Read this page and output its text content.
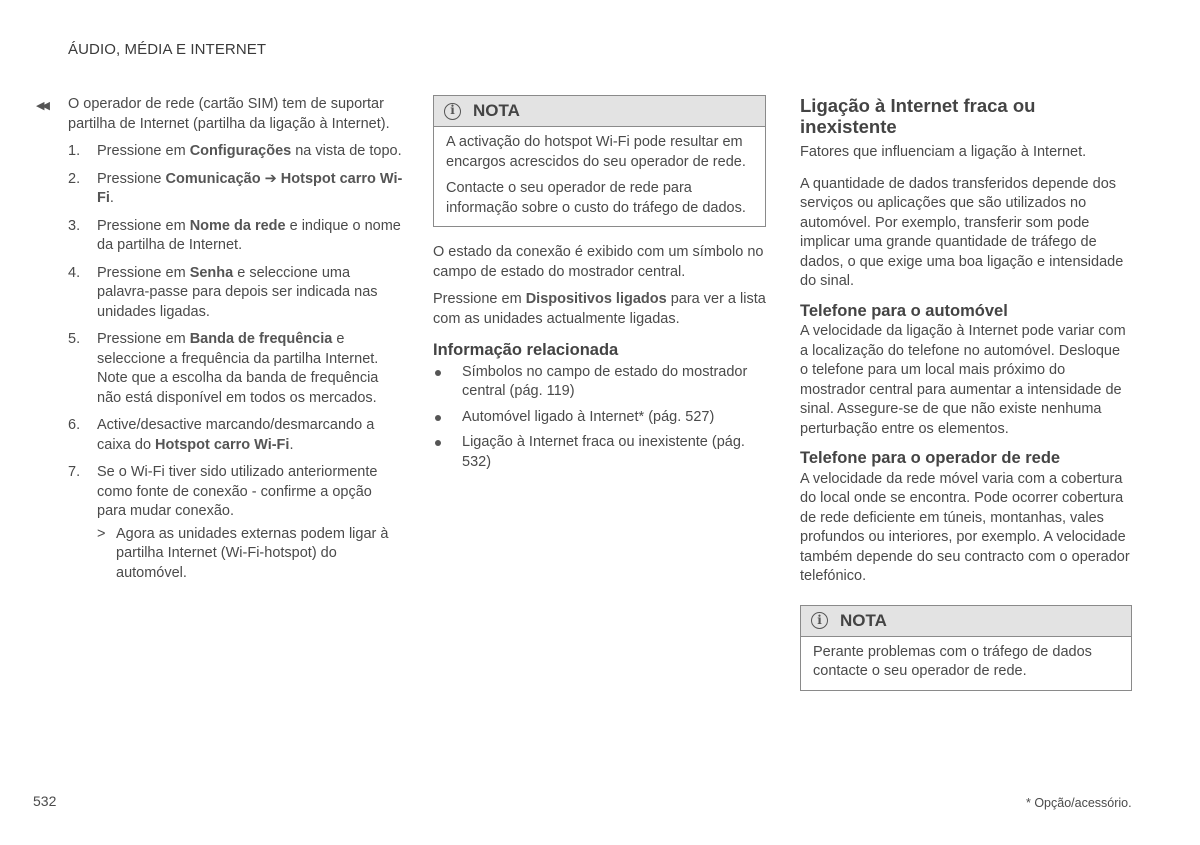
ÁUDIO, MÉDIA E INTERNET
◀◀ O operador de rede (cartão SIM) tem de suportar partilha de Internet (partilha da ligação à Internet).

1. Pressione em Configurações na vista de topo.
2. Pressione Comunicação ➔ Hotspot carro Wi-Fi.
3. Pressione em Nome da rede e indique o nome da partilha de Internet.
4. Pressione em Senha e seleccione uma palavra-passe para depois ser indicada nas unidades ligadas.
5. Pressione em Banda de frequência e seleccione a frequência da partilha Internet. Note que a escolha da banda de frequência não está disponível em todos os mercados.
6. Active/desactive marcando/desmarcando a caixa do Hotspot carro Wi-Fi.
7. Se o Wi-Fi tiver sido utilizado anteriormente como fonte de conexão - confirme a opção para mudar conexão.
> Agora as unidades externas podem ligar à partilha Internet (Wi-Fi-hotspot) do automóvel.
i	NOTA

A activação do hotspot Wi-Fi pode resultar em encargos acrescidos do seu operador de rede.

Contacte o seu operador de rede para informação sobre o custo do tráfego de dados.

O estado da conexão é exibido com um símbolo no campo de estado do mostrador central.

Pressione em Dispositivos ligados para ver a lista com as unidades actualmente ligadas.

Informação relacionada
Símbolos no campo de estado do mostrador central (pág. 119)
Automóvel ligado à Internet* (pág. 527)
Ligação à Internet fraca ou inexistente (pág. 532)
Ligação à Internet fraca ou inexistente

Fatores que influenciam a ligação à Internet.

A quantidade de dados transferidos depende dos serviços ou aplicações que são utilizados no automóvel. Por exemplo, transferir som pode implicar uma grande quantidade de tráfego de dados, o que exige uma boa ligação e intensidade do sinal.

Telefone para o automóvel

A velocidade da ligação à Internet pode variar com a localização do telefone no automóvel. Desloque o telefone para um local mais próximo do mostrador central para aumentar a intensidade de sinal. Assegure-se de que não existe nenhuma perturbação entre os elementos.

Telefone para o operador de rede

A velocidade da rede móvel varia com a cobertura do local onde se encontra. Pode ocorrer cobertura de rede deficiente em túneis, montanhas, vales profundos ou interiores, por exemplo. A velocidade também depende do seu contracto com o operador telefónico.

i	NOTA

Perante problemas com o tráfego de dados contacte o seu operador de rede.

532	* Opção/acessório.
